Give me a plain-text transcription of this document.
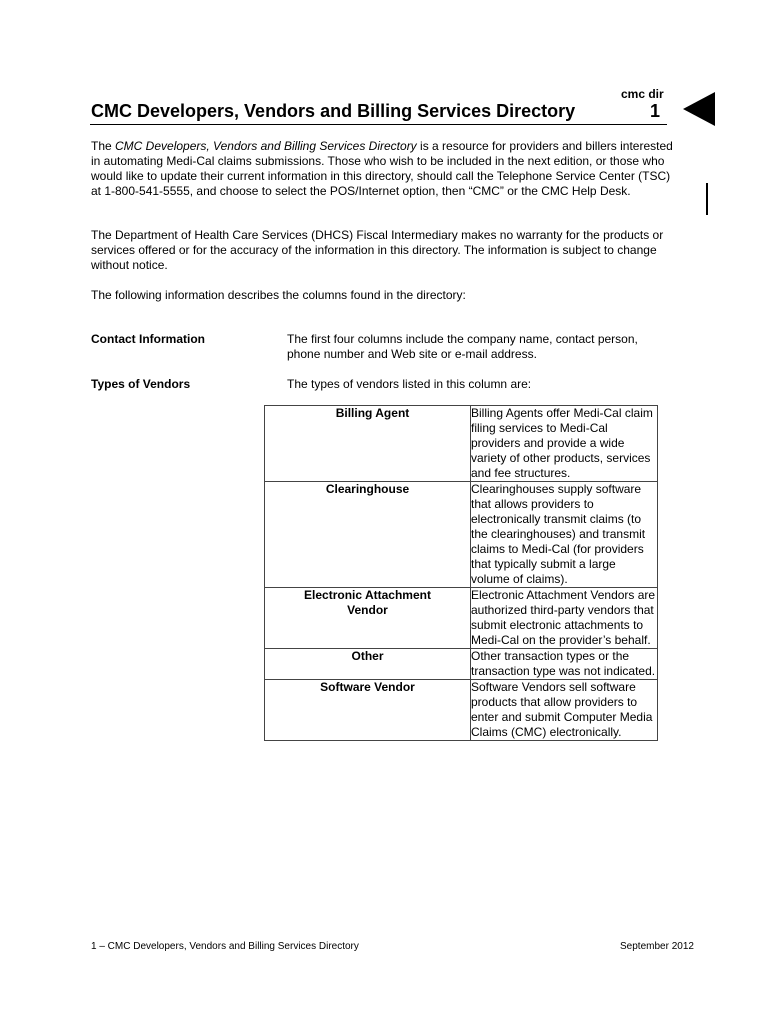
cmc dir
CMC Developers, Vendors and Billing Services Directory	1
The CMC Developers, Vendors and Billing Services Directory is a resource for providers and billers interested in automating Medi-Cal claims submissions. Those who wish to be included in the next edition, or those who would like to update their current information in this directory, should call the Telephone Service Center (TSC) at 1-800-541-5555, and choose to select the POS/Internet option, then “CMC” or the CMC Help Desk.
The Department of Health Care Services (DHCS) Fiscal Intermediary makes no warranty for the products or services offered or for the accuracy of the information in this directory. The information is subject to change without notice.
The following information describes the columns found in the directory:
Contact Information	The first four columns include the company name, contact person, phone number and Web site or e-mail address.
Types of Vendors	The types of vendors listed in this column are:
Billing Agent	Billing Agents offer Medi-Cal claim filing services to Medi-Cal providers and provide a wide variety of other products, services and fee structures.
Clearinghouse	Clearinghouses supply software that allows providers to electronically transmit claims (to the clearinghouses) and transmit claims to Medi-Cal (for providers that typically submit a large volume of claims).
Electronic Attachment Vendor	Electronic Attachment Vendors are authorized third-party vendors that submit electronic attachments to Medi-Cal on the provider’s behalf.
Other	Other transaction types or the transaction type was not indicated.
Software Vendor	Software Vendors sell software products that allow providers to enter and submit Computer Media Claims (CMC) electronically.
1 – CMC Developers, Vendors and Billing Services Directory	September 2012
